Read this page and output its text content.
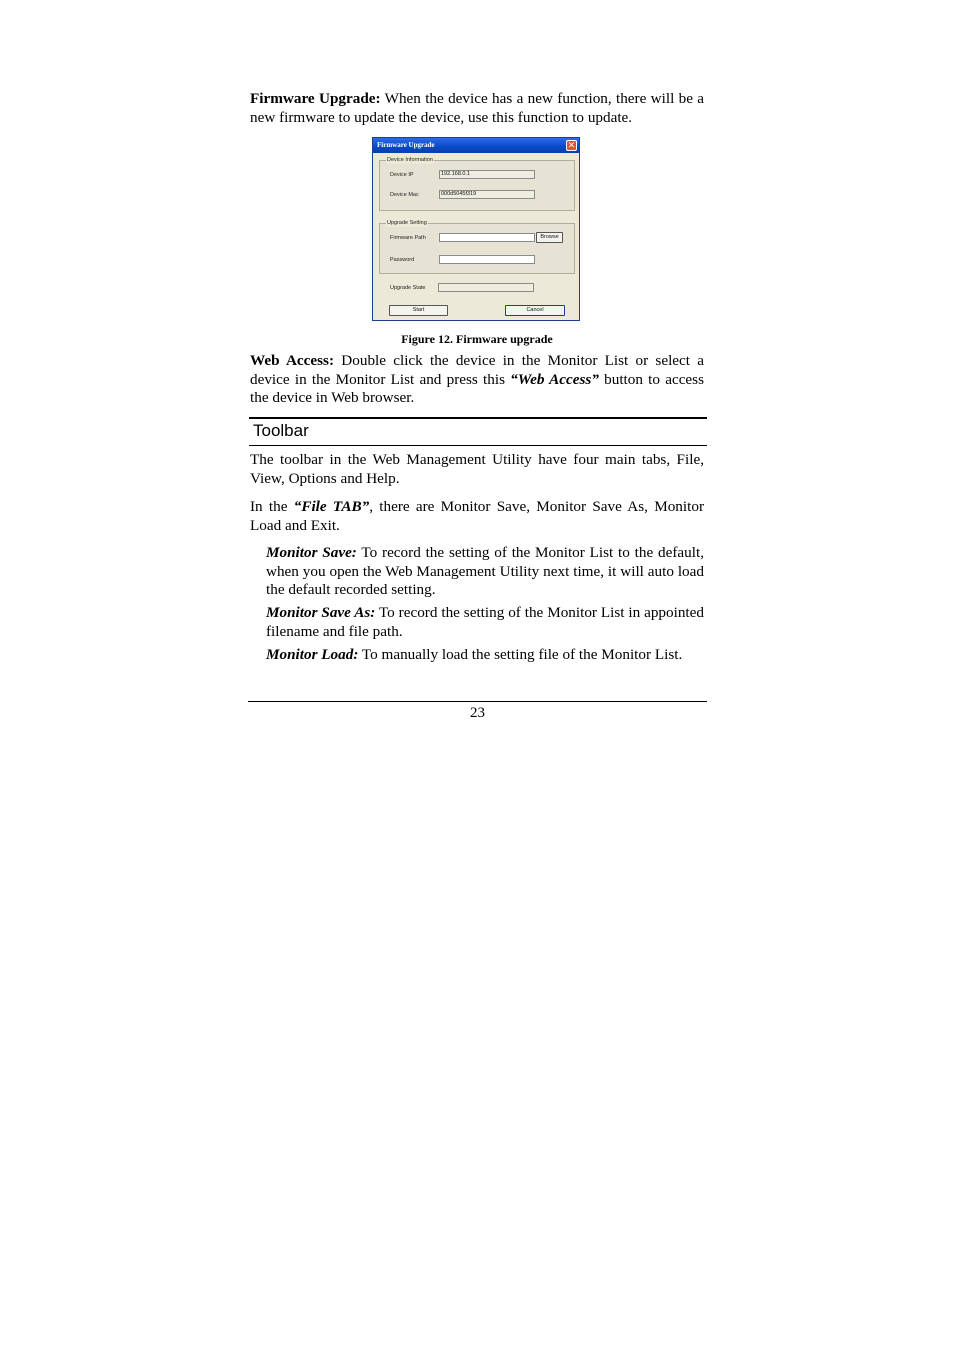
Firmware Upgrade: When the device has a new function, there will be a new firmware to update the device, use this function to update.

Firmware Upgrade	✕
Device Information
Device IP	192.168.0.1
Device Mac	000d5045f319
Upgrade Setting
Firmware Path	Browse
Password
Upgrade State
Start	Cancel
Figure 12. Firmware upgrade

Web Access: Double click the device in the Monitor List or select a device in the Monitor List and press this “Web Access” button to access the device in Web browser.

Toolbar

The toolbar in the Web Management Utility have four main tabs, File, View, Options and Help.

In the “File TAB”, there are Monitor Save, Monitor Save As, Monitor Load and Exit.

Monitor Save: To record the setting of the Monitor List to the default, when you open the Web Management Utility next time, it will auto load the default recorded setting.

Monitor Save As: To record the setting of the Monitor List in appointed filename and file path.

Monitor Load: To manually load the setting file of the Monitor List.

23
